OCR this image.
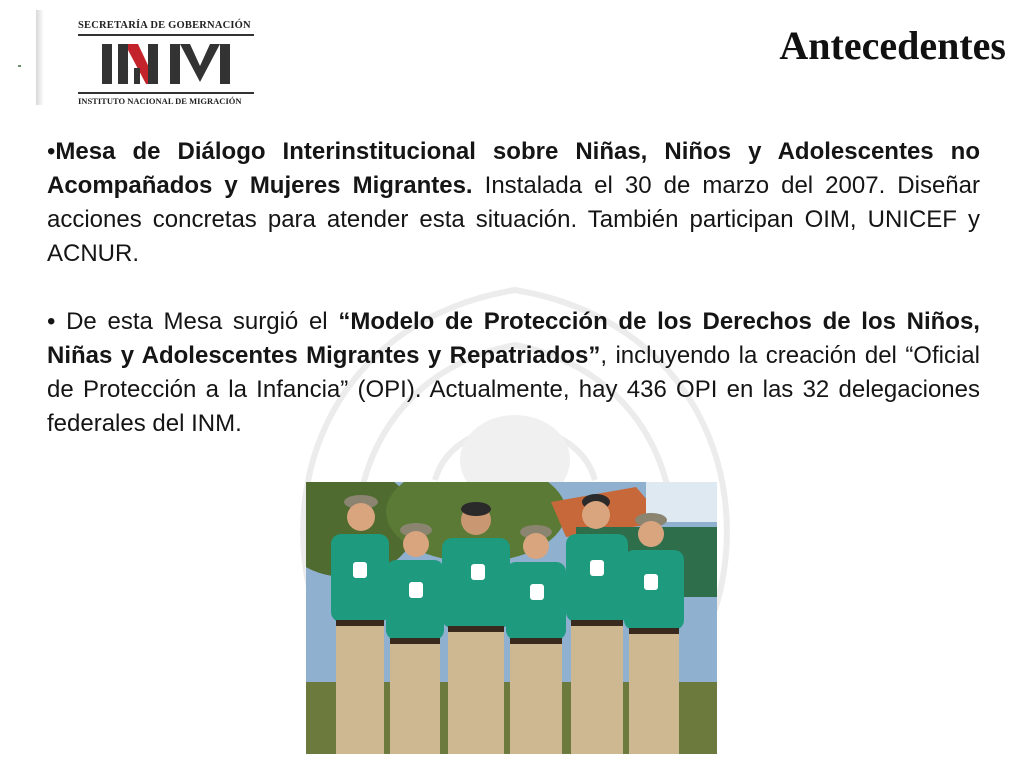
SECRETARÍA DE GOBERNACIÓN
INSTITUTO NACIONAL DE MIGRACIÓN
Antecedentes

•Mesa de Diálogo Interinstitucional sobre Niñas, Niños y Adolescentes no Acompañados y Mujeres Migrantes. Instalada el 30 de marzo del 2007. Diseñar acciones concretas para atender esta situación. También participan OIM, UNICEF y ACNUR.

• De esta Mesa surgió el “Modelo de Protección de los Derechos de los Niños, Niñas y Adolescentes Migrantes y Repatriados”, incluyendo la creación del “Oficial de Protección a la Infancia” (OPI). Actualmente, hay 436 OPI en las 32 delegaciones federales del INM.
